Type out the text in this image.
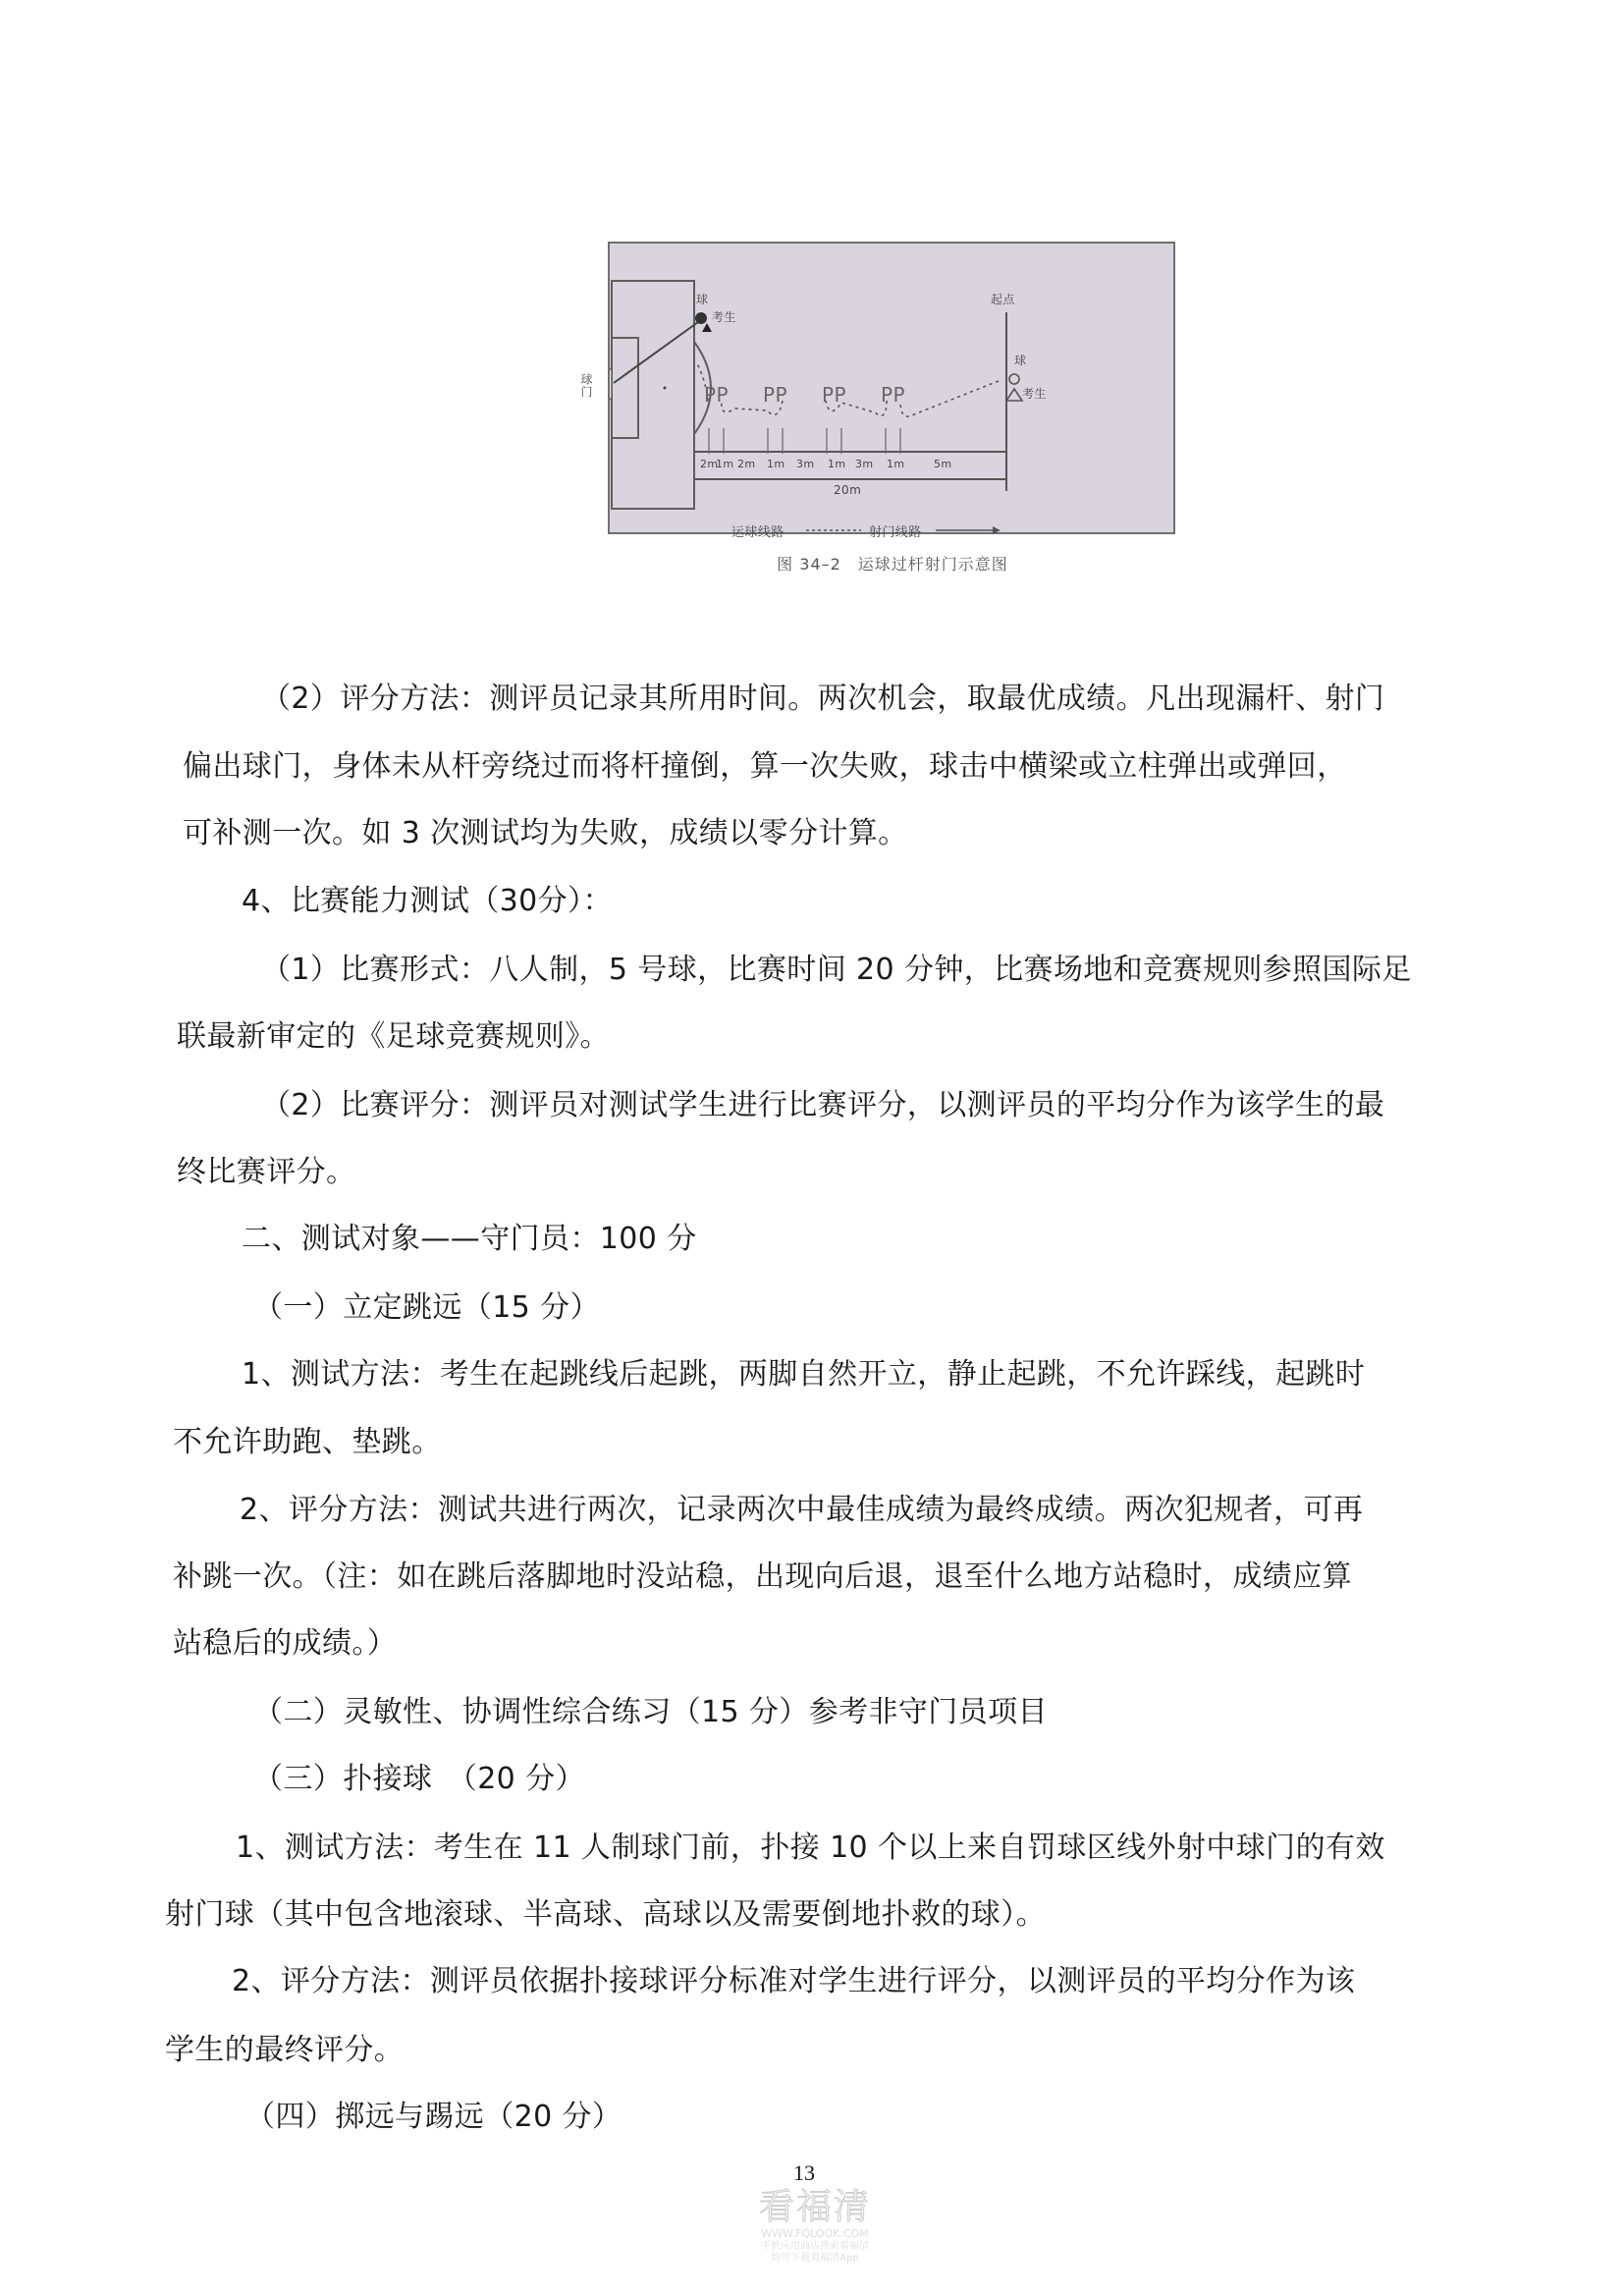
球门
球
考生
起点
球
考生
PP PP PP PP
2m
1m 2m 1m 3m 1m 3m 1m	5m
20m
运球线路	射门线路
图 34–2　运球过杆射门示意图
（2）评分方法：测评员记录其所用时间。两次机会，取最优成绩。凡出现漏杆、射门
偏出球门，身体未从杆旁绕过而将杆撞倒，算一次失败，球击中横梁或立柱弹出或弹回，
可补测一次。如 3 次测试均为失败，成绩以零分计算。
4、比赛能力测试（30分）：
（1）比赛形式：八人制，5 号球，比赛时间 20 分钟，比赛场地和竞赛规则参照国际足
联最新审定的《足球竞赛规则》。
（2）比赛评分：测评员对测试学生进行比赛评分，以测评员的平均分作为该学生的最
终比赛评分。
二、测试对象——守门员：100 分
（一）立定跳远（15 分）
1、测试方法：考生在起跳线后起跳，两脚自然开立，静止起跳，不允许踩线，起跳时
不允许助跑、垫跳。
2、评分方法：测试共进行两次，记录两次中最佳成绩为最终成绩。两次犯规者，可再
补跳一次。（注：如在跳后落脚地时没站稳，出现向后退，退至什么地方站稳时，成绩应算
站稳后的成绩。）
（二）灵敏性、协调性综合练习（15 分）参考非守门员项目
（三）扑接球　（20 分）
1、测试方法：考生在 11 人制球门前，扑接 10 个以上来自罚球区线外射中球门的有效
射门球（其中包含地滚球、半高球、高球以及需要倒地扑救的球）。
2、评分方法：测评员依据扑接球评分标准对学生进行评分，以测评员的平均分作为该
学生的最终评分。
（四）掷远与踢远（20 分）
13
看福清
WWW.FQLOOK.COM
手机应用商店搜索看福清
均可下载看福清App
